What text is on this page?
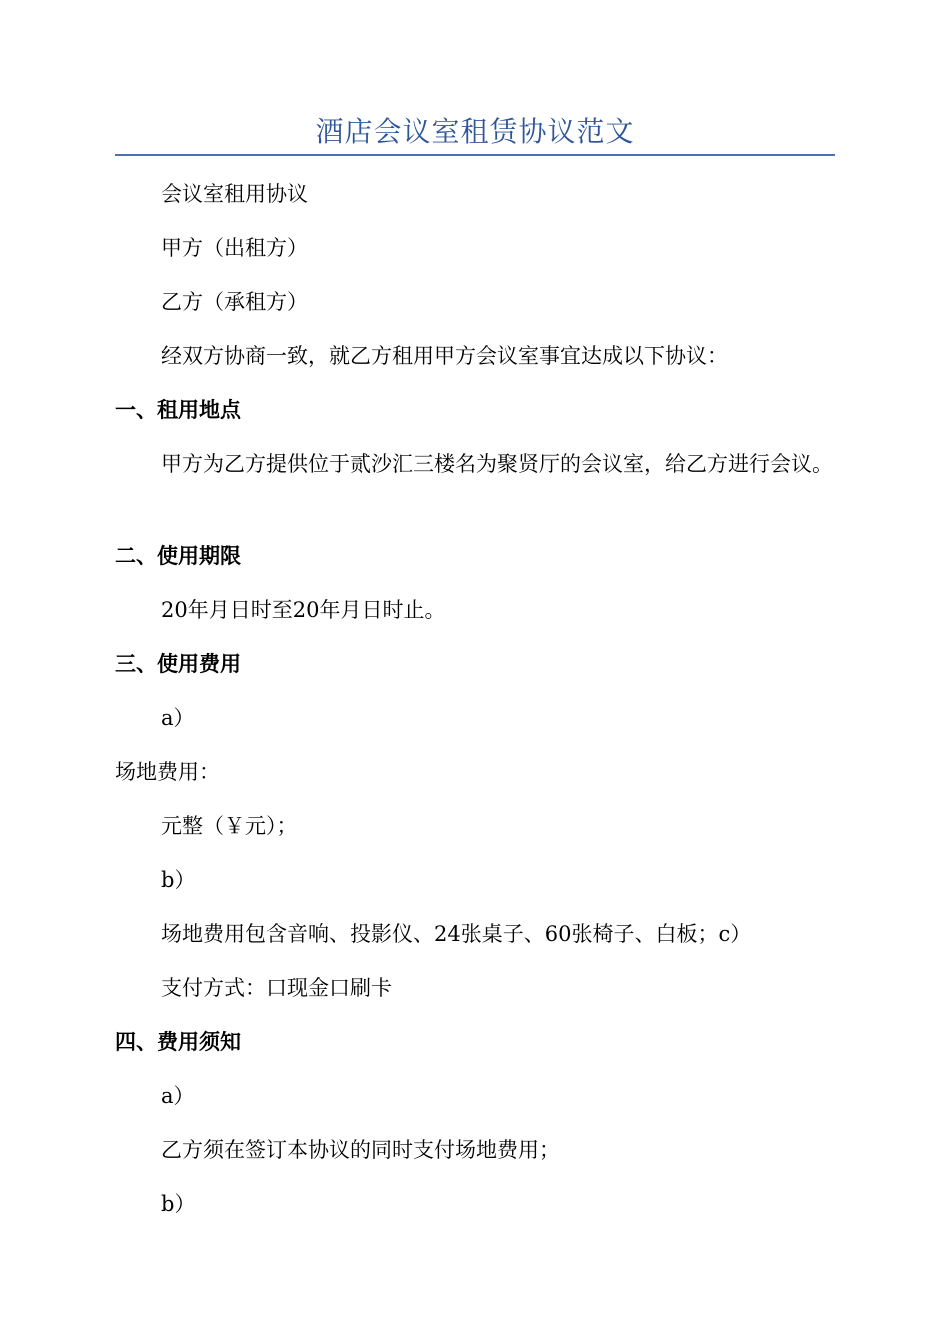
酒店会议室租赁协议范文
会议室租用协议
甲方（出租方）
乙方（承租方）
经双方协商一致，就乙方租用甲方会议室事宜达成以下协议：
一、租用地点
甲方为乙方提供位于贰沙汇三楼名为聚贤厅的会议室，给乙方进行会议。
二、使用期限
20年月日时至20年月日时止。
三、使用费用
a）
场地费用：
元整（￥元）；
b）
场地费用包含音响、投影仪、24张桌子、60张椅子、白板；c）
支付方式：口现金口刷卡
四、费用须知
a）
乙方须在签订本协议的同时支付场地费用；
b）
